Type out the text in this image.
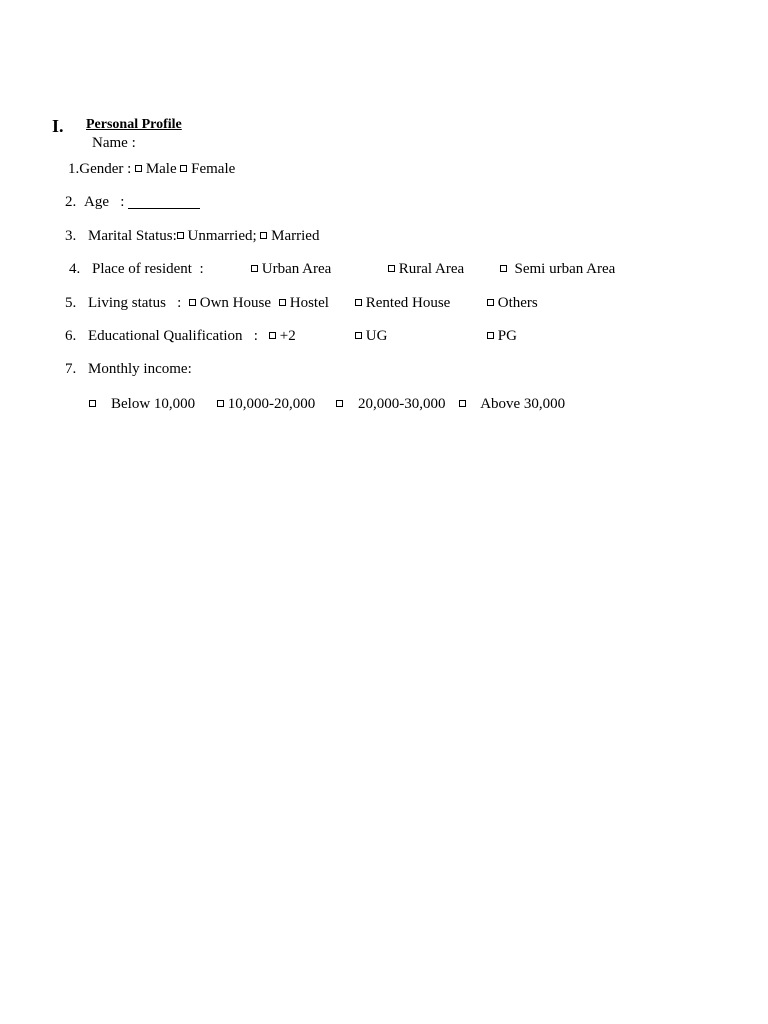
I. Personal Profile
Name :
1.Gender : Male Female
2. Age :
3. Marital Status: Unmarried; Married
4. Place of resident :	Urban Area	Rural Area	Semi urban Area
5. Living status :	Own House	Hostel	Rented House	Others
6. Educational Qualification :	+2	UG	PG
7. Monthly income:
Below 10,000	10,000-20,000	20,000-30,000	Above 30,000
